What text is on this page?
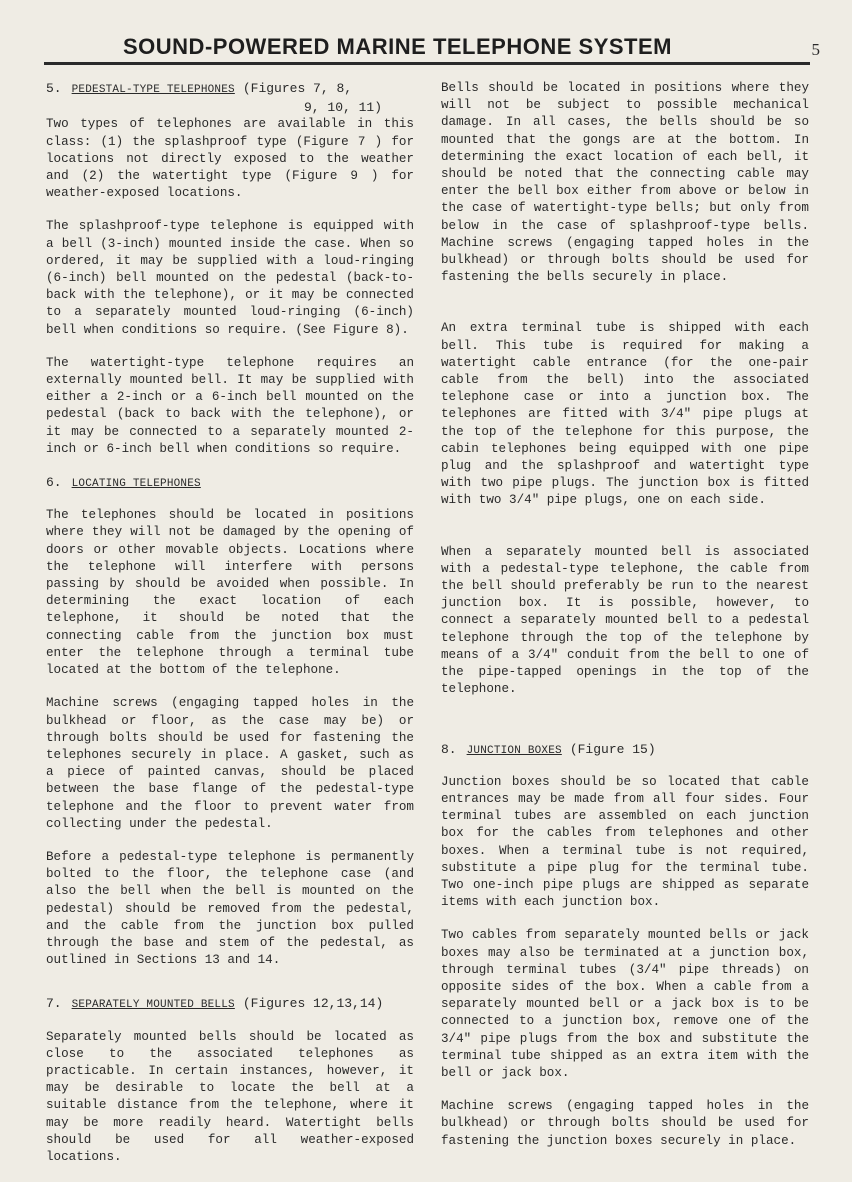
SOUND-POWERED MARINE TELEPHONE SYSTEM	5
5. PEDESTAL-TYPE TELEPHONES (Figures 7, 8,
9, 10, 11)

Two types of telephones are available in this class: (1) the splashproof type (Figure 7 ) for locations not directly exposed to the weather and (2) the watertight type (Figure 9 ) for weather-exposed locations.

The splashproof-type telephone is equipped with a bell (3-inch) mounted inside the case. When so ordered, it may be supplied with a loud-ringing (6-inch) bell mounted on the pedestal (back-to-back with the telephone), or it may be connected to a separately mounted loud-ringing (6-inch) bell when conditions so require. (See Figure 8).

The watertight-type telephone requires an externally mounted bell. It may be supplied with either a 2-inch or a 6-inch bell mounted on the pedestal (back to back with the telephone), or it may be connected to a separately mounted 2-inch or 6-inch bell when conditions so require.

6. LOCATING TELEPHONES

The telephones should be located in positions where they will not be damaged by the opening of doors or other movable objects. Locations where the telephone will interfere with persons passing by should be avoided when possible. In determining the exact location of each telephone, it should be noted that the connecting cable from the junction box must enter the telephone through a terminal tube located at the bottom of the telephone.

Machine screws (engaging tapped holes in the bulkhead or floor, as the case may be) or through bolts should be used for fastening the telephones securely in place. A gasket, such as a piece of painted canvas, should be placed between the base flange of the pedestal-type telephone and the floor to prevent water from collecting under the pedestal.

Before a pedestal-type telephone is permanently bolted to the floor, the telephone case (and also the bell when the bell is mounted on the pedestal) should be removed from the pedestal, and the cable from the junction box pulled through the base and stem of the pedestal, as outlined in Sections 13 and 14.

7. SEPARATELY MOUNTED BELLS (Figures 12,13,14)

Separately mounted bells should be located as close to the associated telephones as practicable. In certain instances, however, it may be desirable to locate the bell at a suitable distance from the telephone, where it may be more readily heard. Watertight bells should be used for all weather-exposed locations.

Bells should be located in positions where they will not be subject to possible mechanical damage. In all cases, the bells should be so mounted that the gongs are at the bottom. In determining the exact location of each bell, it should be noted that the connecting cable may enter the bell box either from above or below in the case of watertight-type bells; but only from below in the case of splashproof-type bells. Machine screws (engaging tapped holes in the bulkhead) or through bolts should be used for fastening the bells securely in place.

An extra terminal tube is shipped with each bell. This tube is required for making a watertight cable entrance (for the one-pair cable from the bell) into the associated telephone case or into a junction box. The telephones are fitted with 3/4" pipe plugs at the top of the telephone for this purpose, the cabin telephones being equipped with one pipe plug and the splashproof and watertight type with two pipe plugs. The junction box is fitted with two 3/4" pipe plugs, one on each side.

When a separately mounted bell is associated with a pedestal-type telephone, the cable from the bell should preferably be run to the nearest junction box. It is possible, however, to connect a separately mounted bell to a pedestal telephone through the top of the telephone by means of a 3/4" conduit from the bell to one of the pipe-tapped openings in the top of the telephone.

8. JUNCTION BOXES (Figure 15)

Junction boxes should be so located that cable entrances may be made from all four sides. Four terminal tubes are assembled on each junction box for the cables from telephones and other boxes. When a terminal tube is not required, substitute a pipe plug for the terminal tube. Two one-inch pipe plugs are shipped as separate items with each junction box.

Two cables from separately mounted bells or jack boxes may also be terminated at a junction box, through terminal tubes (3/4" pipe threads) on opposite sides of the box. When a cable from a separately mounted bell or a jack box is to be connected to a junction box, remove one of the 3/4" pipe plugs from the box and substitute the terminal tube shipped as an extra item with the bell or jack box.

Machine screws (engaging tapped holes in the bulkhead) or through bolts should be used for fastening the junction boxes securely in place.
